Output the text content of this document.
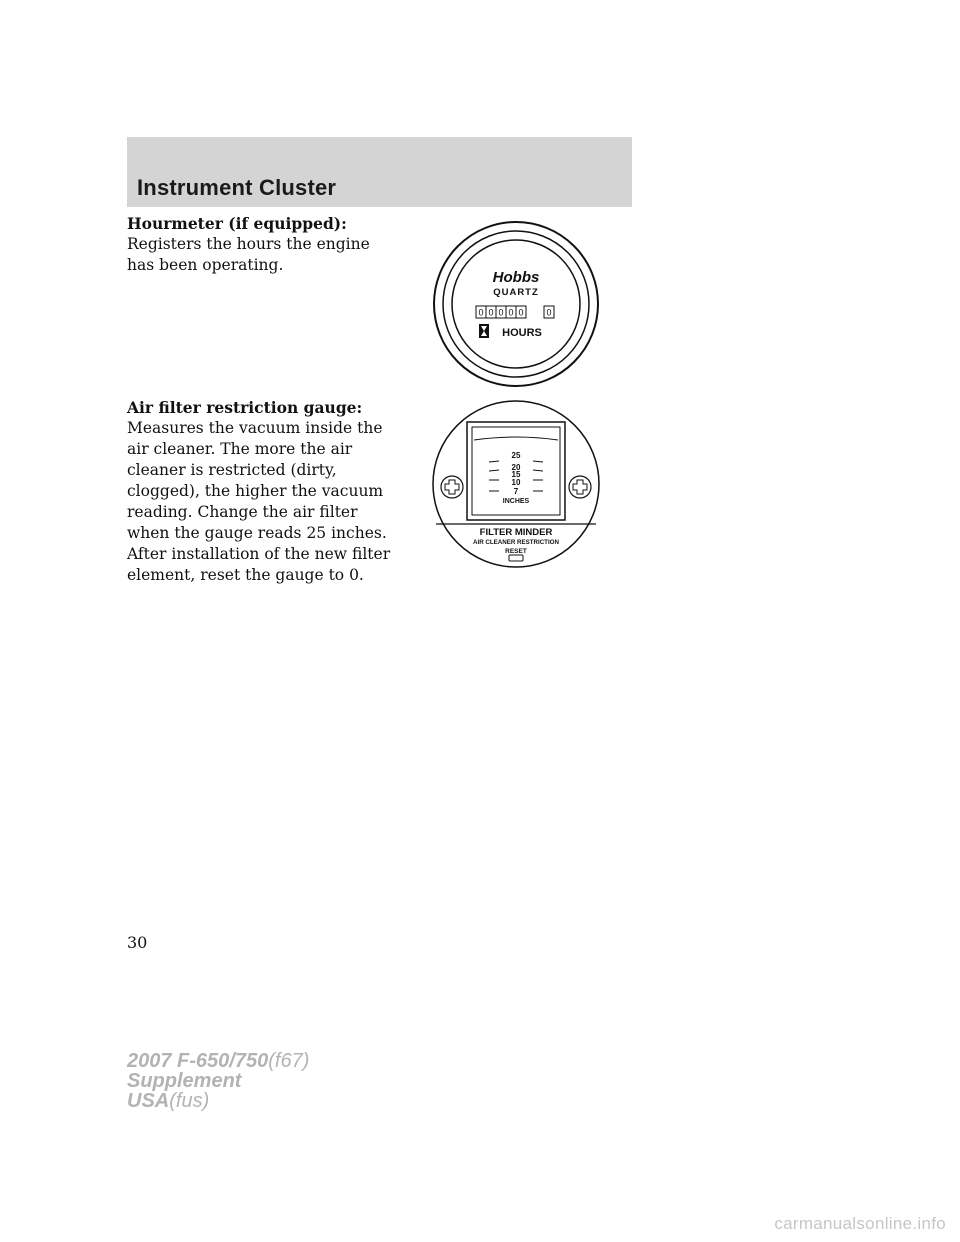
Instrument Cluster
Hourmeter (if equipped):

Registers the hours the engine has been operating.

Air filter restriction gauge:

Measures the vacuum inside the air cleaner. The more the air cleaner is restricted (dirty, clogged), the higher the vacuum reading. Change the air filter when the gauge reads 25 inches. After installation of the new filter element, reset the gauge to 0.

Hobbs
QUARTZ
0 0 0 0 0	0
HOURS
25
20
15
10
7
INCHES
FILTER MINDER
AIR CLEANER RESTRICTION
RESET
30
2007 F-650/750(f67)
Supplement
USA(fus)
carmanualsonline.info
